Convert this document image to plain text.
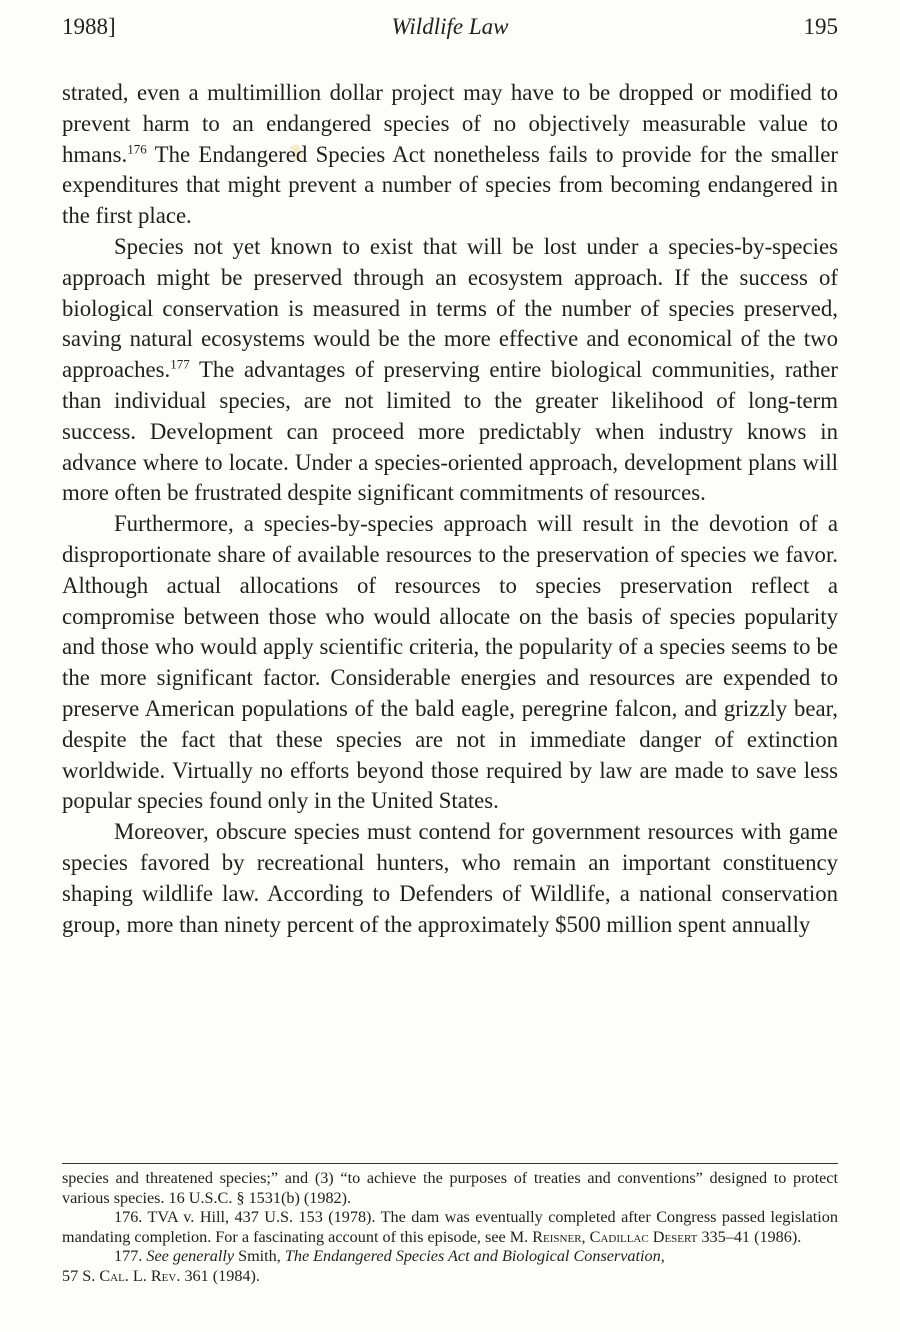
1988]	Wildlife Law	195

strated, even a multimillion dollar project may have to be dropped or modified to prevent harm to an endangered species of no objectively measurable value to hmans.$^{176}$ The Endangered Species Act nonetheless fails to provide for the smaller expenditures that might prevent a number of species from becoming endangered in the first place.

Species not yet known to exist that will be lost under a species-by-species approach might be preserved through an ecosystem approach. If the success of biological conservation is measured in terms of the number of species preserved, saving natural ecosystems would be the more effective and economical of the two approaches.$^{177}$ The advantages of preserving entire biological communities, rather than individual species, are not limited to the greater likelihood of long-term success. Development can proceed more predictably when industry knows in advance where to locate. Under a species-oriented approach, development plans will more often be frustrated despite significant commitments of resources.

Furthermore, a species-by-species approach will result in the devotion of a disproportionate share of available resources to the preservation of species we favor. Although actual allocations of resources to species preservation reflect a compromise between those who would allocate on the basis of species popularity and those who would apply scientific criteria, the popularity of a species seems to be the more significant factor. Considerable energies and resources are expended to preserve American populations of the bald eagle, peregrine falcon, and grizzly bear, despite the fact that these species are not in immediate danger of extinction worldwide. Virtually no efforts beyond those required by law are made to save less popular species found only in the United States.

Moreover, obscure species must contend for government resources with game species favored by recreational hunters, who remain an important constituency shaping wildlife law. According to Defenders of Wildlife, a national conservation group, more than ninety percent of the approximately $500 million spent annually

species and threatened species;” and (3) “to achieve the purposes of treaties and conventions” designed to protect various species. 16 U.S.C. § 1531(b) (1982).

176. TVA v. Hill, 437 U.S. 153 (1978). The dam was eventually completed after Congress passed legislation mandating completion. For a fascinating account of this episode, see M. Reisner, Cadillac Desert 335–41 (1986).

177. See generally Smith, The Endangered Species Act and Biological Conservation,
57 S. Cal. L. Rev. 361 (1984).
